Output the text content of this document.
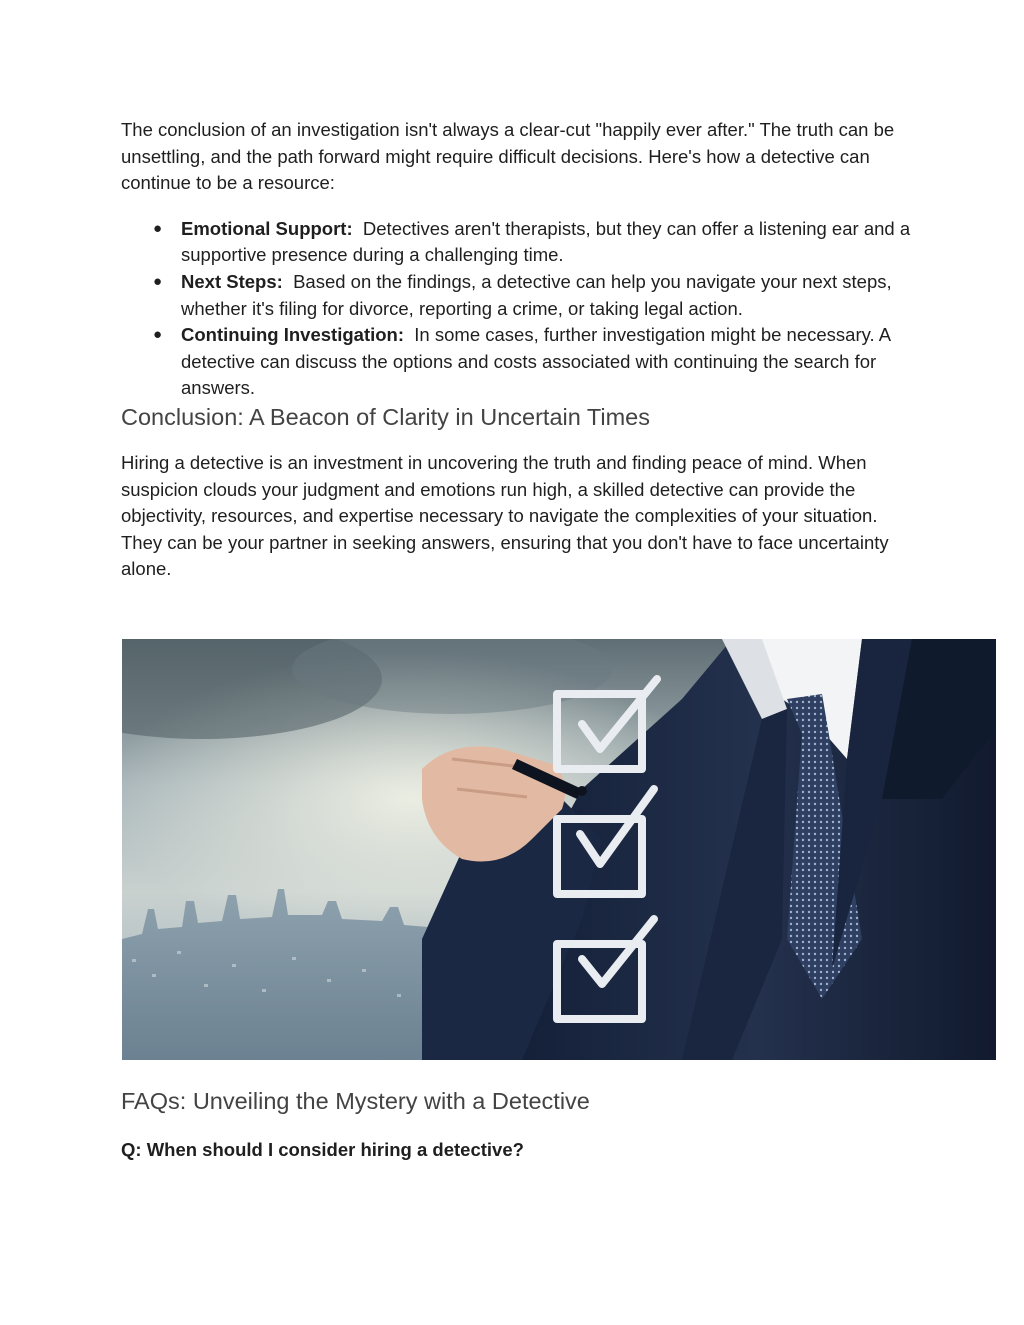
The conclusion of an investigation isn't always a clear-cut "happily ever after." The truth can be unsettling, and the path forward might require difficult decisions. Here's how a detective can continue to be a resource:

● Emotional Support: Detectives aren't therapists, but they can offer a listening ear and a supportive presence during a challenging time.
● Next Steps: Based on the findings, a detective can help you navigate your next steps, whether it's filing for divorce, reporting a crime, or taking legal action.
● Continuing Investigation: In some cases, further investigation might be necessary. A detective can discuss the options and costs associated with continuing the search for answers.
Conclusion: A Beacon of Clarity in Uncertain Times

Hiring a detective is an investment in uncovering the truth and finding peace of mind. When suspicion clouds your judgment and emotions run high, a skilled detective can provide the objectivity, resources, and expertise necessary to navigate the complexities of your situation. They can be your partner in seeking answers, ensuring that you don't have to face uncertainty alone.

FAQs: Unveiling the Mystery with a Detective

Q: When should I consider hiring a detective?
